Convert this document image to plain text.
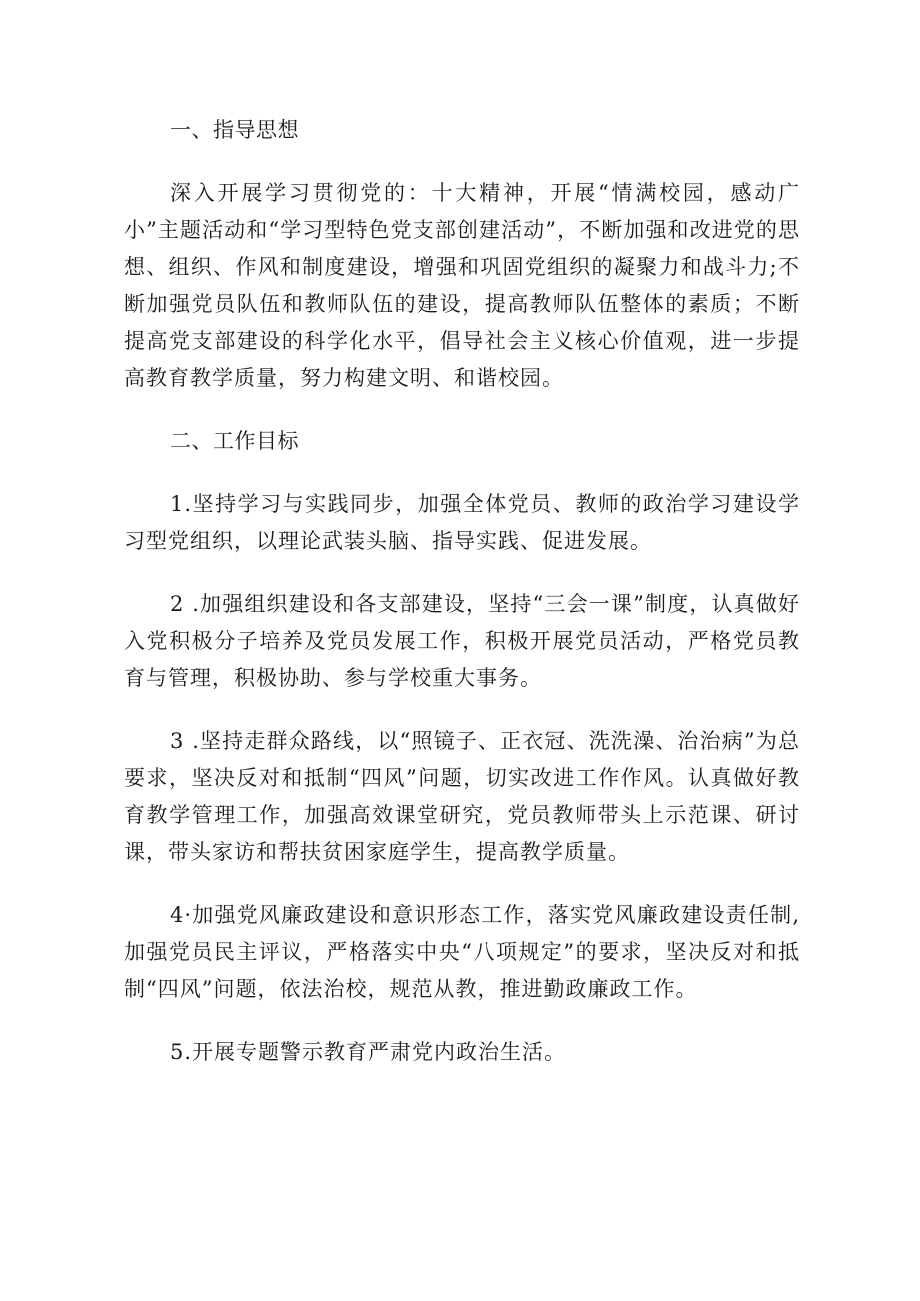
一、指导思想

深入开展学习贯彻党的：十大精神，开展“情满校园，感动广小”主题活动和“学习型特色党支部创建活动”，不断加强和改进党的思想、组织、作风和制度建设，增强和巩固党组织的凝聚力和战斗力;不断加强党员队伍和教师队伍的建设，提高教师队伍整体的素质；不断提高党支部建设的科学化水平，倡导社会主义核心价值观，进一步提高教育教学质量，努力构建文明、和谐校园。

二、工作目标

1.坚持学习与实践同步，加强全体党员、教师的政治学习建设学习型党组织，以理论武装头脑、指导实践、促进发展。

2 .加强组织建设和各支部建设，坚持“三会一课”制度，认真做好入党积极分子培养及党员发展工作，积极开展党员活动，严格党员教育与管理，积极协助、参与学校重大事务。

3 .坚持走群众路线，以“照镜子、正衣冠、洗洗澡、治治病”为总要求，坚决反对和抵制“四风”问题，切实改进工作作风。认真做好教育教学管理工作，加强高效课堂研究，党员教师带头上示范课、研讨课，带头家访和帮扶贫困家庭学生，提高教学质量。

4·加强党风廉政建设和意识形态工作，落实党风廉政建设责任制,加强党员民主评议，严格落实中央“八项规定”的要求，坚决反对和抵制“四风”问题，依法治校，规范从教，推进勤政廉政工作。

5.开展专题警示教育严肃党内政治生活。
